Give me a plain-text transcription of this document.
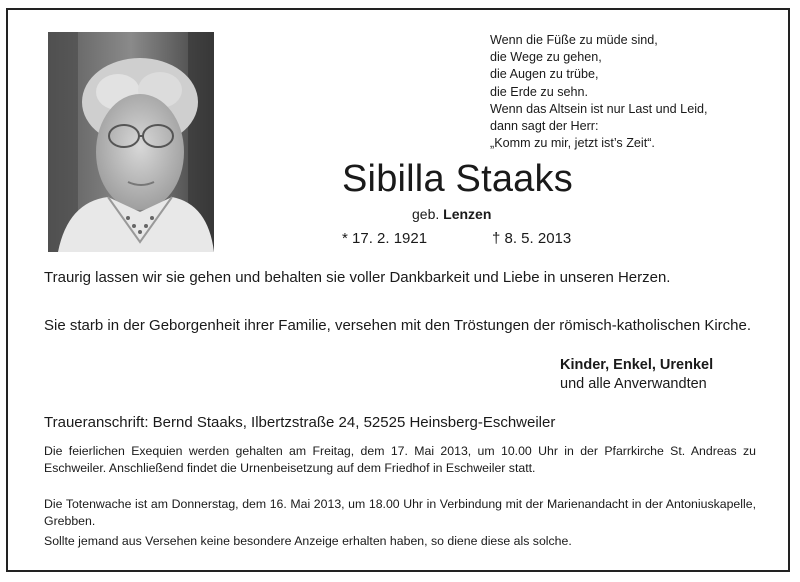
Wenn die Füße zu müde sind,
die Wege zu gehen,
die Augen zu trübe,
die Erde zu sehn.
Wenn das Altsein ist nur Last und Leid,
dann sagt der Herr:
„Komm zu mir, jetzt ist’s Zeit“.
Sibilla Staaks
geb. Lenzen
* 17. 2. 1921	† 8. 5. 2013

Traurig lassen wir sie gehen und behalten sie voller Dankbarkeit und Liebe in unseren Herzen.

Sie starb in der Geborgenheit ihrer Familie, versehen mit den Tröstungen der römisch-katholischen Kirche.

Kinder, Enkel, Urenkel
und alle Anverwandten
Traueranschrift: Bernd Staaks, Ilbertzstraße 24, 52525 Heinsberg-Eschweiler

Die feierlichen Exequien werden gehalten am Freitag, dem 17. Mai 2013, um 10.00 Uhr in der Pfarrkirche St. Andreas zu Eschweiler. Anschließend findet die Urnenbeisetzung auf dem Friedhof in Eschweiler statt.

Die Totenwache ist am Donnerstag, dem 16. Mai 2013, um 18.00 Uhr in Verbindung mit der Marienandacht in der Antoniuskapelle, Grebben.

Sollte jemand aus Versehen keine besondere Anzeige erhalten haben, so diene diese als solche.
